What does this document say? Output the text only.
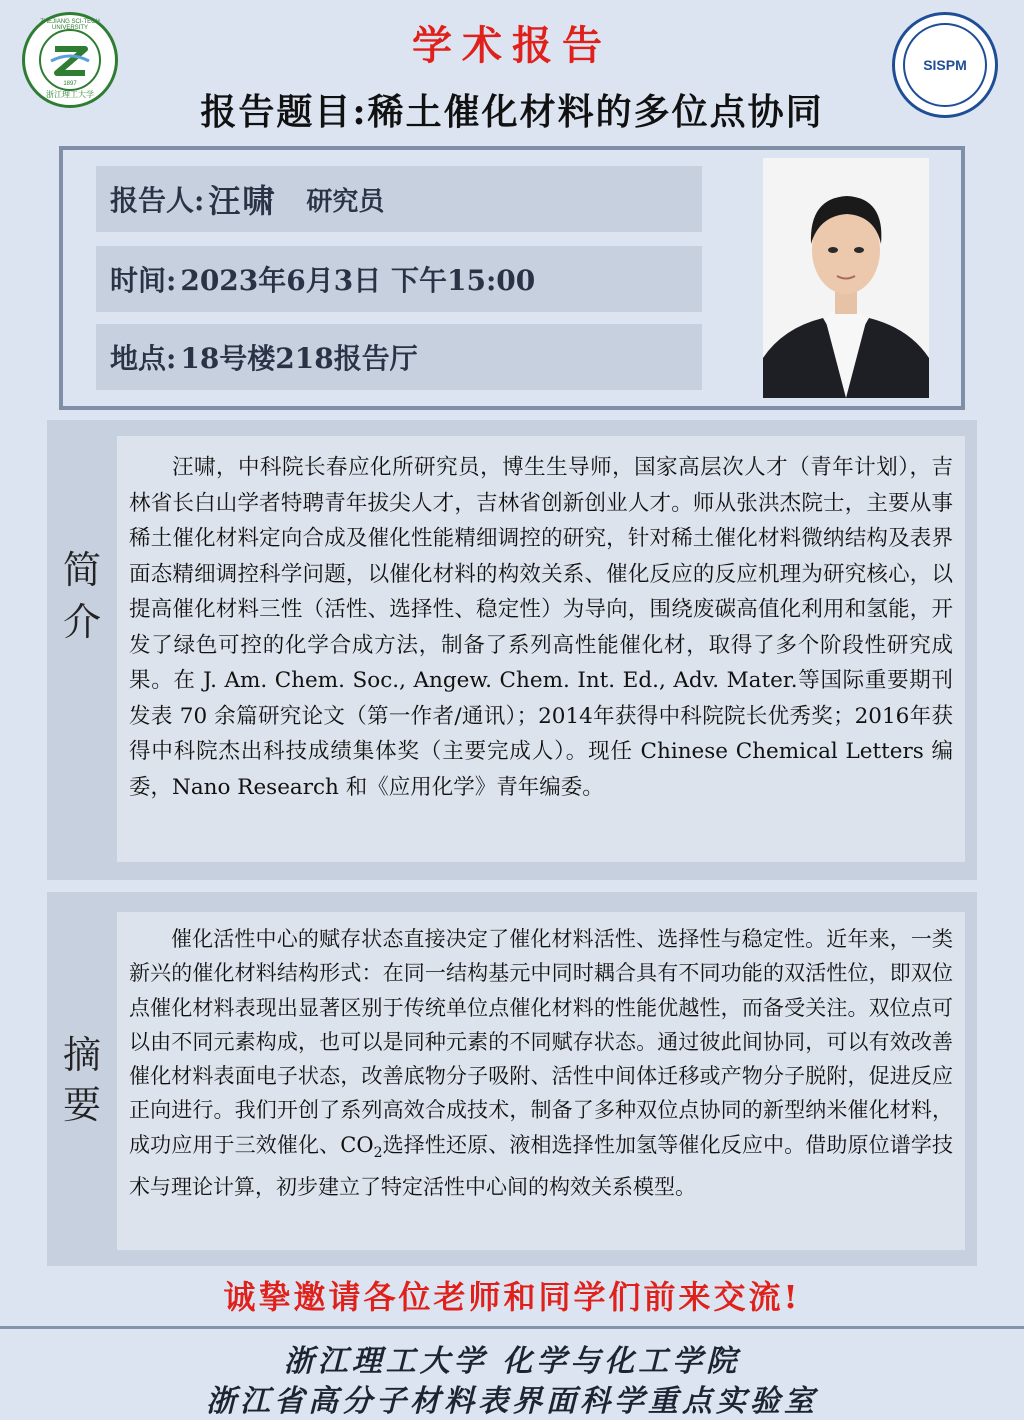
ZHEJIANG SCI-TECH UNIVERSITY
1897
浙江理工大学
SISPM
学术报告
报告题目:稀土催化材料的多位点协同
报告人: 汪啸 研究员
时间: 2023年6月3日 下午15:00
地点: 18号楼218报告厅
简
介
汪啸，中科院长春应化所研究员，博生生导师，国家高层次人才（青年计划），吉林省长白山学者特聘青年拔尖人才，吉林省创新创业人才。师从张洪杰院士，主要从事稀土催化材料定向合成及催化性能精细调控的研究，针对稀土催化材料微纳结构及表界面态精细调控科学问题，以催化材料的构效关系、催化反应的反应机理为研究核心，以提高催化材料三性（活性、选择性、稳定性）为导向，围绕废碳高值化利用和氢能，开发了绿色可控的化学合成方法，制备了系列高性能催化材，取得了多个阶段性研究成果。在 J. Am. Chem. Soc., Angew. Chem. Int. Ed., Adv. Mater.等国际重要期刊发表 70 余篇研究论文（第一作者/通讯）；2014年获得中科院院长优秀奖；2016年获得中科院杰出科技成绩集体奖（主要完成人）。现任 Chinese Chemical Letters 编委，Nano Research 和《应用化学》青年编委。
摘
要
催化活性中心的赋存状态直接决定了催化材料活性、选择性与稳定性。近年来，一类新兴的催化材料结构形式：在同一结构基元中同时耦合具有不同功能的双活性位，即双位点催化材料表现出显著区别于传统单位点催化材料的性能优越性，而备受关注。双位点可以由不同元素构成，也可以是同种元素的不同赋存状态。通过彼此间协同，可以有效改善催化材料表面电子状态，改善底物分子吸附、活性中间体迁移或产物分子脱附，促进反应正向进行。我们开创了系列高效合成技术，制备了多种双位点协同的新型纳米催化材料，成功应用于三效催化、$CO_2$选择性还原、液相选择性加氢等催化反应中。借助原位谱学技术与理论计算，初步建立了特定活性中心间的构效关系模型。
诚挚邀请各位老师和同学们前来交流!
浙江理工大学 化学与化工学院
浙江省高分子材料表界面科学重点实验室
